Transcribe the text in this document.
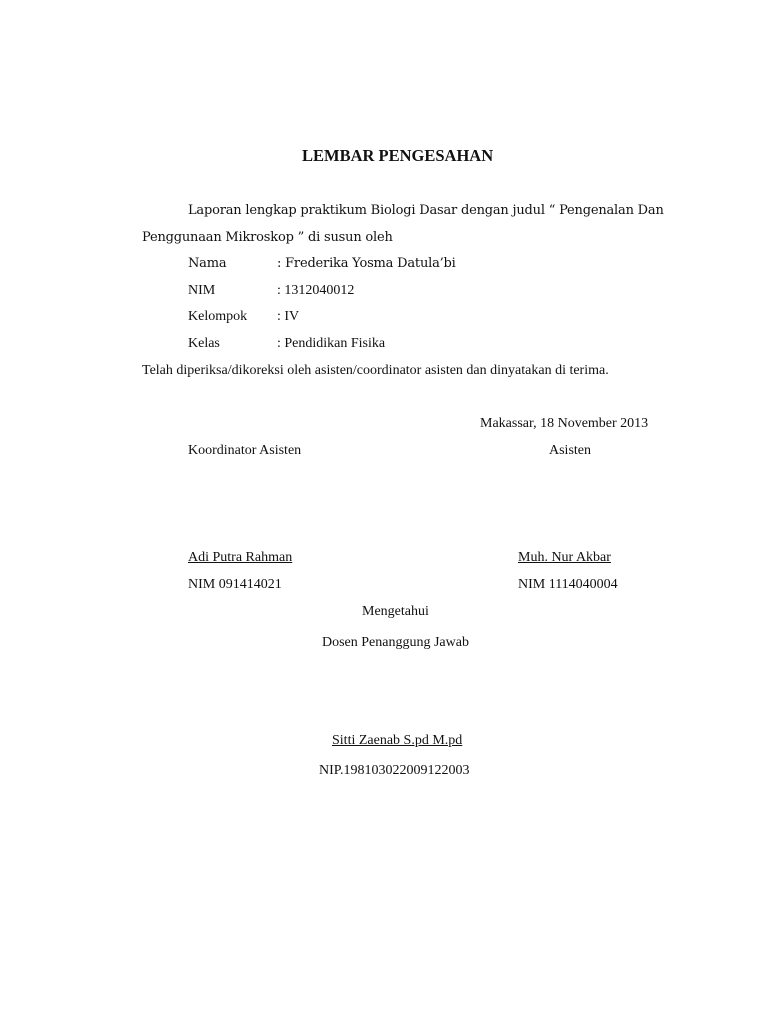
LEMBAR PENGESAHAN
Laporan lengkap praktikum Biologi Dasar dengan judul “ Pengenalan Dan
Penggunaan Mikroskop ” di susun oleh
Nama	: Frederika Yosma Datula’bi
NIM	: 1312040012
Kelompok : IV
Kelas	: Pendidikan Fisika
Telah diperiksa/dikoreksi oleh asisten/coordinator asisten dan dinyatakan di terima.
Makassar, 18 November 2013
Koordinator Asisten	Asisten
Adi Putra Rahman	Muh. Nur Akbar
NIM 091414021	NIM 1114040004
Mengetahui
Dosen Penanggung Jawab
Sitti Zaenab S.pd M.pd
NIP.198103022009122003
